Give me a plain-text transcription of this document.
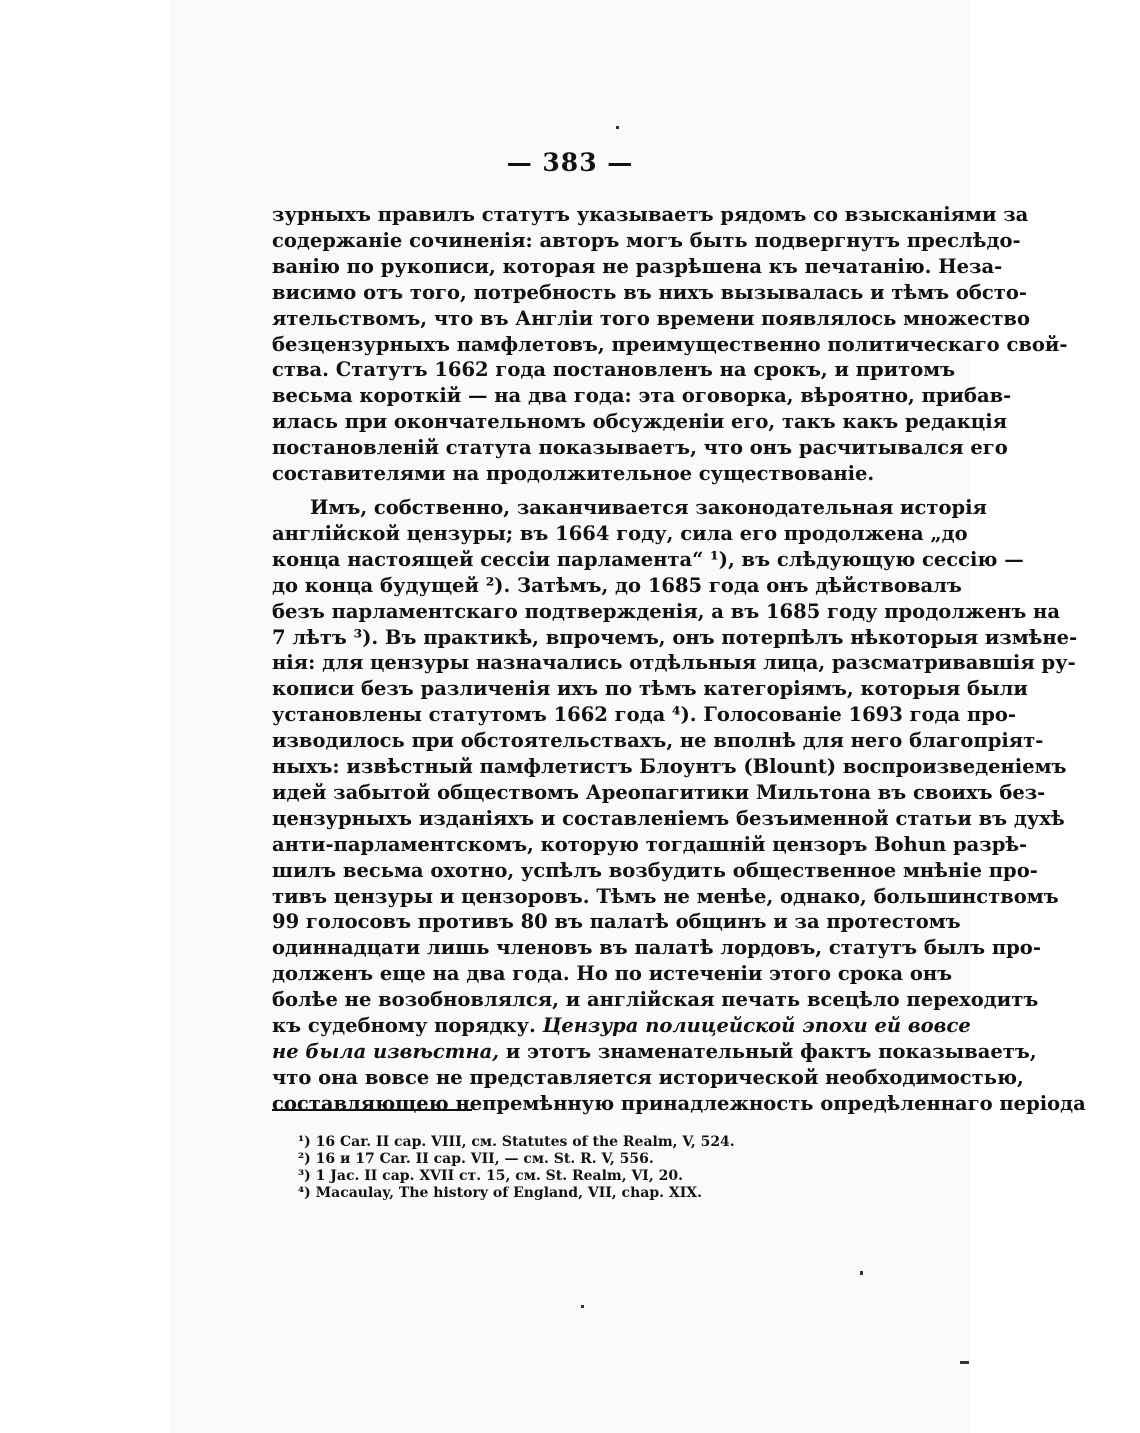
— 383 —
зурныхъ правилъ статутъ указываетъ рядомъ со взысканіями за
содержаніе сочиненія: авторъ могъ быть подвергнутъ преслѣдо-
ванію по рукописи, которая не разрѣшена къ печатанію. Неза-
висимо отъ того, потребность въ нихъ вызывалась и тѣмъ обсто-
ятельствомъ, что въ Англіи того времени появлялось множество
безцензурныхъ памфлетовъ, преимущественно политическаго свой-
ства. Статутъ 1662 года постановленъ на срокъ, и притомъ
весьма короткій — на два года: эта оговорка, вѣроятно, прибав-
илась при окончательномъ обсужденіи его, такъ какъ редакція
постановленій статута показываетъ, что онъ расчитывался его
составителями на продолжительное существованіе.
Имъ, собственно, заканчивается законодательная исторія
англійской цензуры; въ 1664 году, сила его продолжена „до
конца настоящей сессіи парламента“ ¹), въ слѣдующую сессію —
до конца будущей ²). Затѣмъ, до 1685 года онъ дѣйствовалъ
безъ парламентскаго подтвержденія, а въ 1685 году продолженъ на
7 лѣтъ ³). Въ практикѣ, впрочемъ, онъ потерпѣлъ нѣкоторыя измѣне-
нія: для цензуры назначались отдѣльныя лица, разсматривавшія ру-
кописи безъ различенія ихъ по тѣмъ категоріямъ, которыя были
установлены статутомъ 1662 года ⁴). Голосованіе 1693 года про-
изводилось при обстоятельствахъ, не вполнѣ для него благопріят-
ныхъ: извѣстный памфлетистъ Блоунтъ (Blount) воспроизведеніемъ
идей забытой обществомъ Ареопагитики Мильтона въ своихъ без-
цензурныхъ изданіяхъ и составленіемъ безъименной статьи въ духѣ
анти-парламентскомъ, которую тогдашній цензоръ Bohun разрѣ-
шилъ весьма охотно, успѣлъ возбудить общественное мнѣніе про-
тивъ цензуры и цензоровъ. Тѣмъ не менѣе, однако, большинствомъ
99 голосовъ противъ 80 въ палатѣ общинъ и за протестомъ
одиннадцати лишь членовъ въ палатѣ лордовъ, статутъ былъ про-
долженъ еще на два года. Но по истеченіи этого срока онъ
болѣе не возобновлялся, и англійская печать всецѣло переходитъ
къ судебному порядку. Цензура полицейской эпохи ей вовсе
не была извѣстна, и этотъ знаменательный фактъ показываетъ,
что она вовсе не представляется исторической необходимостью,
составляющею непремѣнную принадлежность опредѣленнаго періода
¹) 16 Car. II cap. VIII, см. Statutes of the Realm, V, 524.
²) 16 и 17 Car. II cap. VII, — см. St. R. V, 556.
³) 1 Jac. II cap. XVII ст. 15, см. St. Realm, VI, 20.
⁴) Macaulay, The history of England, VII, chap. XIX.
